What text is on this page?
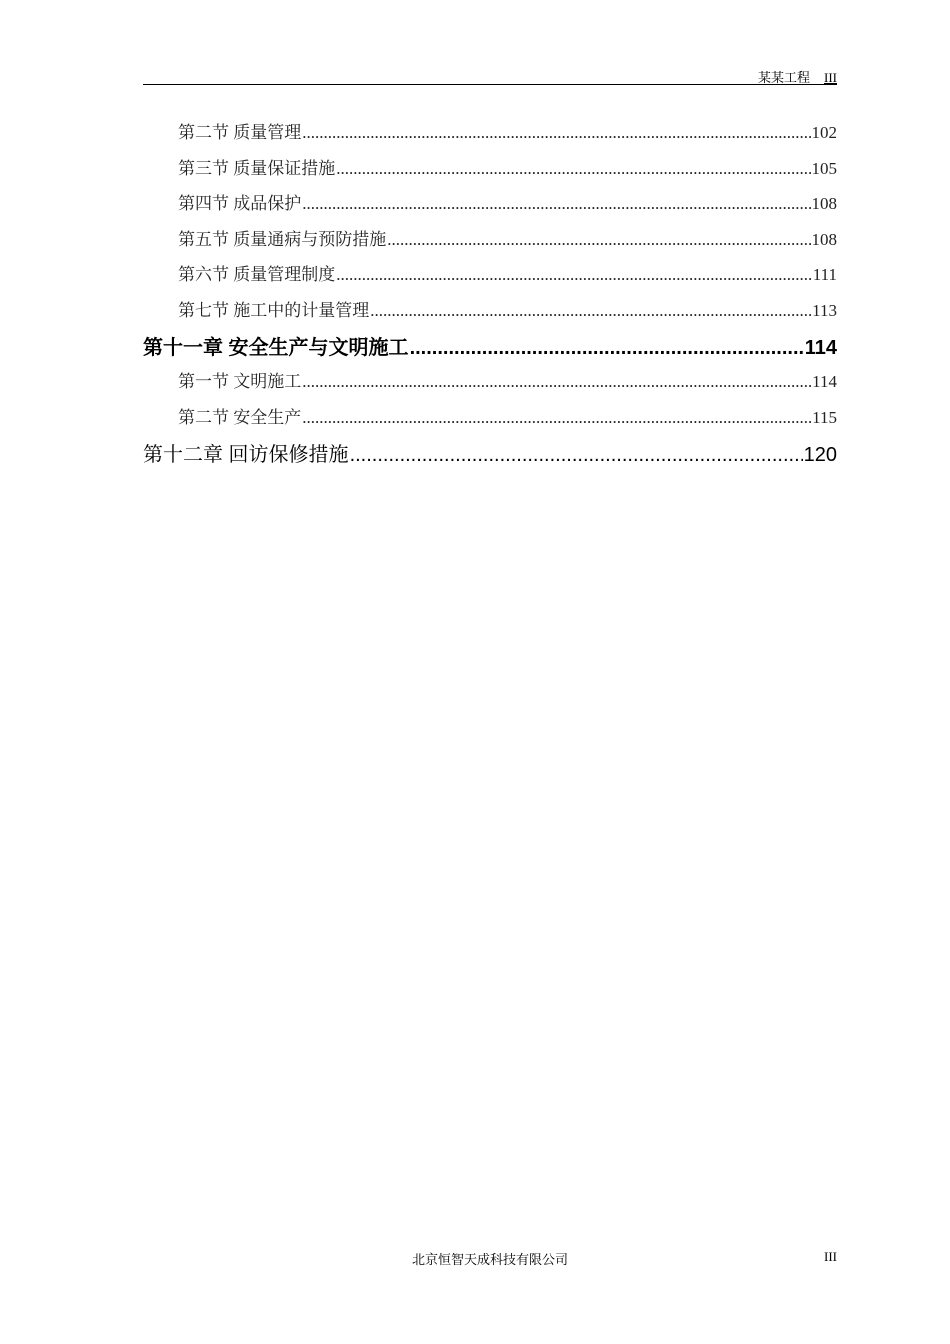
某某工程 III
第二节 质量管理 .....	102
第三节 质量保证措施 .....	105
第四节 成品保护 .....	108
第五节 质量通病与预防措施 .....	108
第六节 质量管理制度 .....	111
第七节 施工中的计量管理 .....	113
第十一章 安全生产与文明施工 .....	114
第一节 文明施工 .....	114
第二节 安全生产 .....	115
第十二章 回访保修措施 .....	120
北京恒智天成科技有限公司	III
